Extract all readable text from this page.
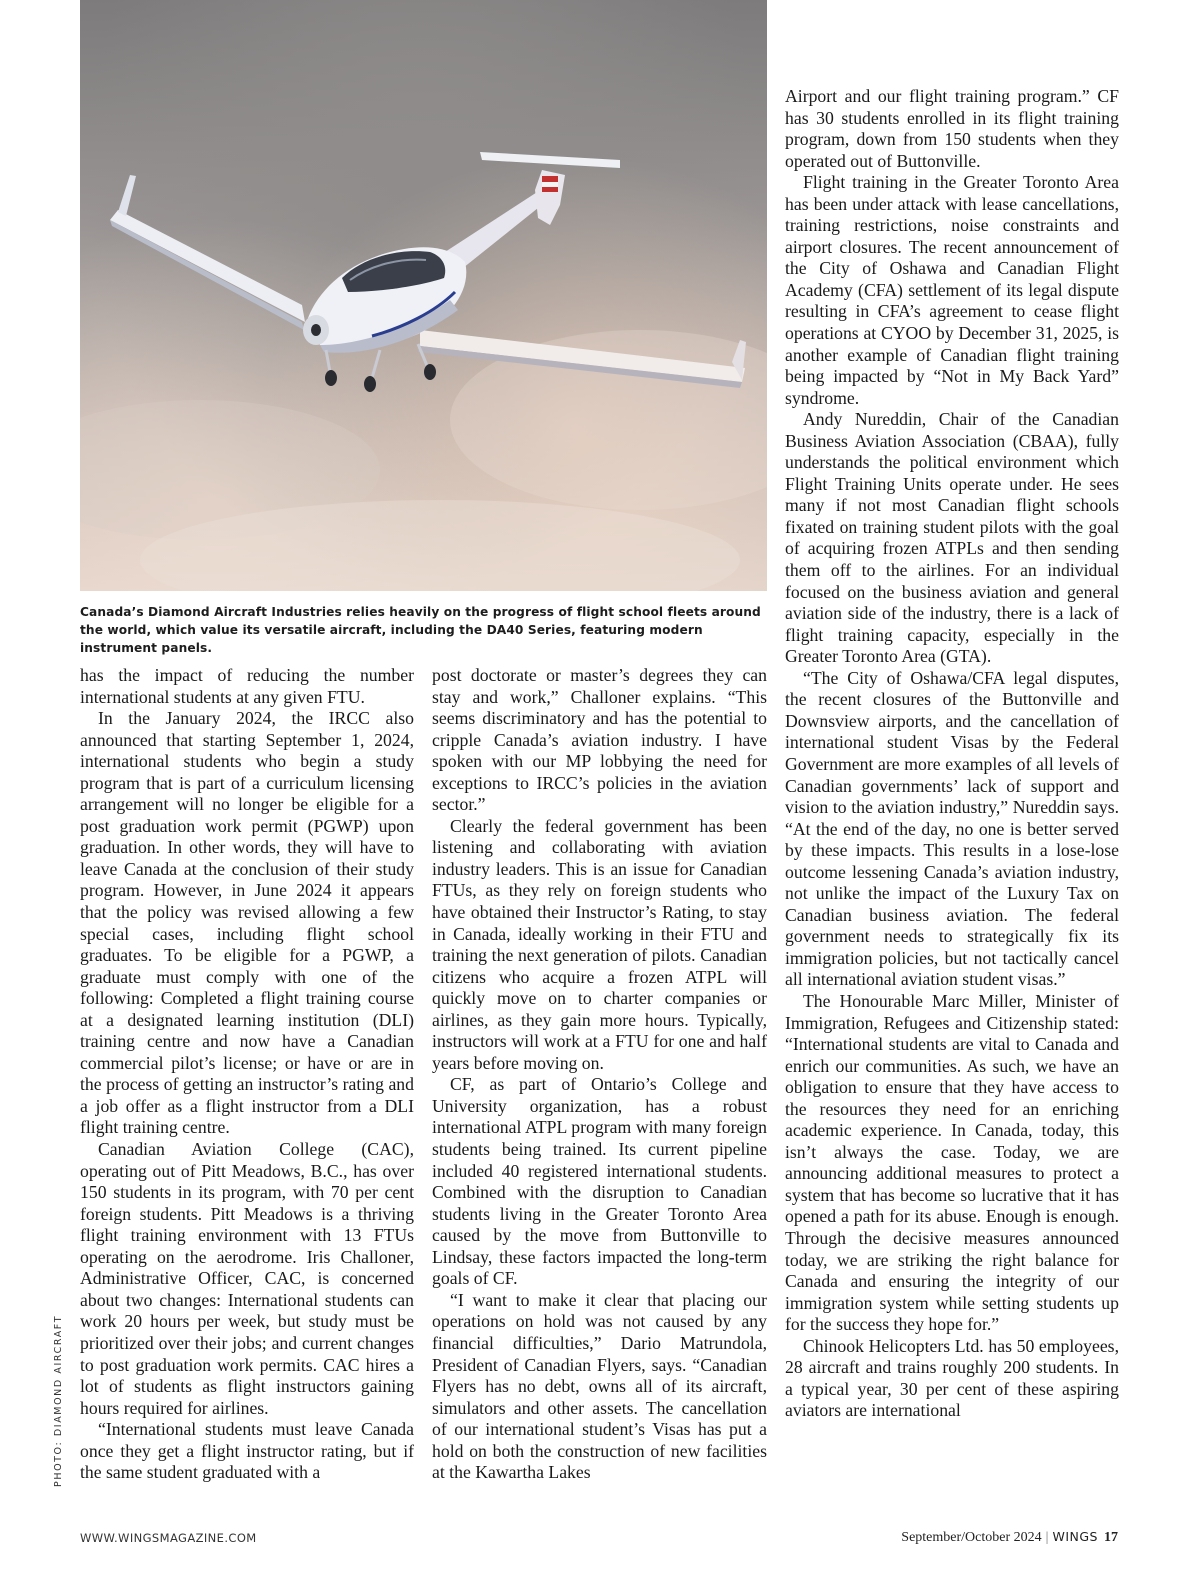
Canada’s Diamond Aircraft Industries relies heavily on the progress of flight school fleets around the world, which value its versatile aircraft, including the DA40 Series, featuring modern instrument panels.

has the impact of reducing the number international students at any given FTU.

In the January 2024, the IRCC also announced that starting September 1, 2024, international students who begin a study program that is part of a curriculum licensing arrangement will no longer be eligible for a post graduation work permit (PGWP) upon graduation. In other words, they will have to leave Canada at the conclusion of their study program. However, in June 2024 it appears that the policy was revised allowing a few special cases, including flight school graduates. To be eligible for a PGWP, a graduate must comply with one of the following: Completed a flight training course at a designated learning institution (DLI) training centre and now have a Canadian commercial pilot’s license; or have or are in the process of getting an instructor’s rating and a job offer as a flight instructor from a DLI flight training centre.

Canadian Aviation College (CAC), operating out of Pitt Meadows, B.C., has over 150 students in its program, with 70 per cent foreign students. Pitt Meadows is a thriving flight training environment with 13 FTUs operating on the aerodrome. Iris Challoner, Administrative Officer, CAC, is concerned about two changes: International students can work 20 hours per week, but study must be prioritized over their jobs; and current changes to post graduation work permits. CAC hires a lot of students as flight instructors gaining hours required for airlines.

“International students must leave Canada once they get a flight instructor rating, but if the same student graduated with a

post doctorate or master’s degrees they can stay and work,” Challoner explains. “This seems discriminatory and has the potential to cripple Canada’s aviation industry. I have spoken with our MP lobbying the need for exceptions to IRCC’s policies in the aviation sector.”

Clearly the federal government has been listening and collaborating with aviation industry leaders. This is an issue for Canadian FTUs, as they rely on foreign students who have obtained their Instructor’s Rating, to stay in Canada, ideally working in their FTU and training the next generation of pilots. Canadian citizens who acquire a frozen ATPL will quickly move on to charter companies or airlines, as they gain more hours. Typically, instructors will work at a FTU for one and half years before moving on.

CF, as part of Ontario’s College and University organization, has a robust international ATPL program with many foreign students being trained. Its current pipeline included 40 registered international students. Combined with the disruption to Canadian students living in the Greater Toronto Area caused by the move from Buttonville to Lindsay, these factors impacted the long-term goals of CF.

“I want to make it clear that placing our operations on hold was not caused by any financial difficulties,” Dario Matrundola, President of Canadian Flyers, says. “Canadian Flyers has no debt, owns all of its aircraft, simulators and other assets. The cancellation of our international student’s Visas has put a hold on both the construction of new facilities at the Kawartha Lakes

Airport and our flight training program.” CF has 30 students enrolled in its flight training program, down from 150 students when they operated out of Buttonville.

Flight training in the Greater Toronto Area has been under attack with lease cancellations, training restrictions, noise constraints and airport closures. The recent announcement of the City of Oshawa and Canadian Flight Academy (CFA) settlement of its legal dispute resulting in CFA’s agreement to cease flight operations at CYOO by December 31, 2025, is another example of Canadian flight training being impacted by “Not in My Back Yard” syndrome.

Andy Nureddin, Chair of the Canadian Business Aviation Association (CBAA), fully understands the political environment which Flight Training Units operate under. He sees many if not most Canadian flight schools fixated on training student pilots with the goal of acquiring frozen ATPLs and then sending them off to the airlines. For an individual focused on the business aviation and general aviation side of the industry, there is a lack of flight training capacity, especially in the Greater Toronto Area (GTA).

“The City of Oshawa/CFA legal disputes, the recent closures of the Buttonville and Downsview airports, and the cancellation of international student Visas by the Federal Government are more examples of all levels of Canadian governments’ lack of support and vision to the aviation industry,” Nureddin says. “At the end of the day, no one is better served by these impacts. This results in a lose-lose outcome lessening Canada’s aviation industry, not unlike the impact of the Luxury Tax on Canadian business aviation. The federal government needs to strategically fix its immigration policies, but not tactically cancel all international aviation student visas.”

The Honourable Marc Miller, Minister of Immigration, Refugees and Citizenship stated: “International students are vital to Canada and enrich our communities. As such, we have an obligation to ensure that they have access to the resources they need for an enriching academic experience. In Canada, today, this isn’t always the case. Today, we are announcing additional measures to protect a system that has become so lucrative that it has opened a path for its abuse. Enough is enough. Through the decisive measures announced today, we are striking the right balance for Canada and ensuring the integrity of our immigration system while setting students up for the success they hope for.”

Chinook Helicopters Ltd. has 50 employees, 28 aircraft and trains roughly 200 students. In a typical year, 30 per cent of these aspiring aviators are international

PHOTO: DIAMOND AIRCRAFT
WWW.WINGSMAGAZINE.COM	September/October 2024 | WINGS 17
